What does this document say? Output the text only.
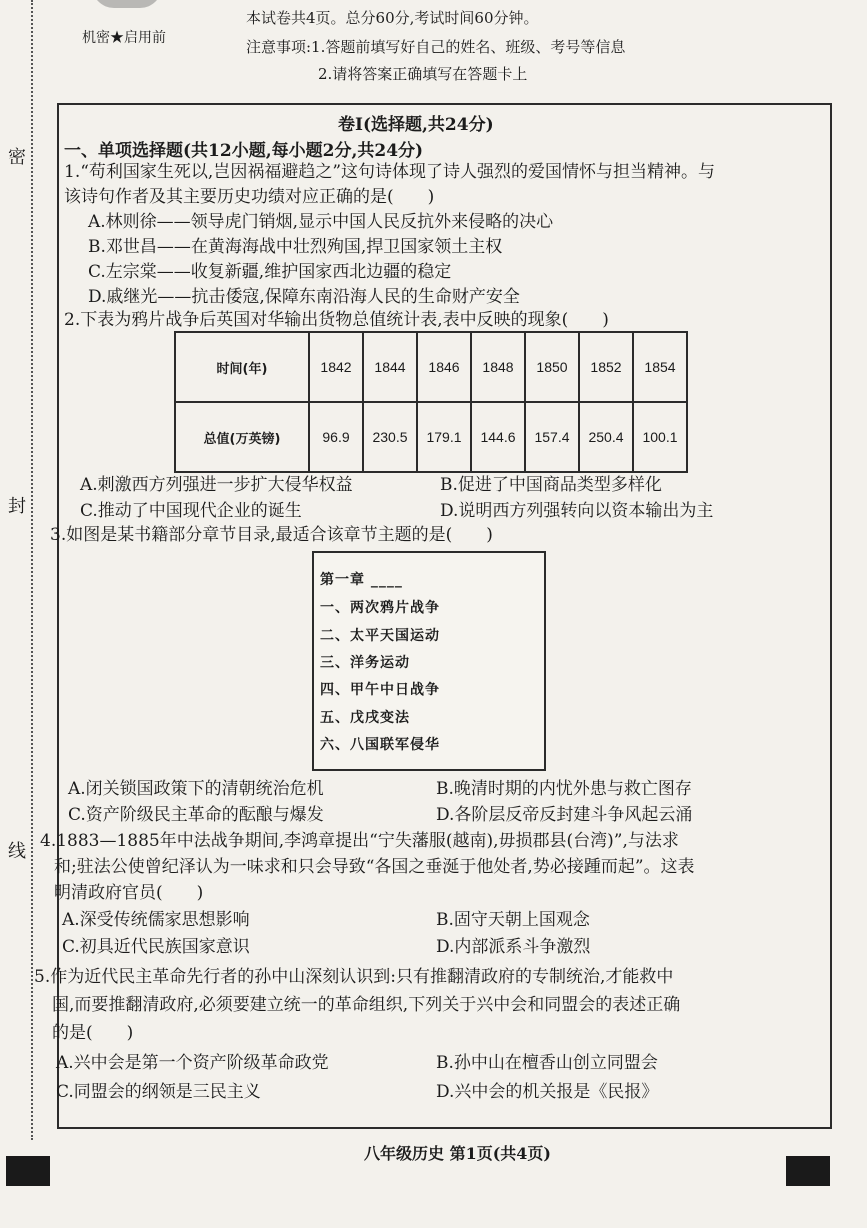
密
封
线
机密★启用前
本试卷共4页。总分60分,考试时间60分钟。
注意事项:1.答题前填写好自己的姓名、班级、考号等信息
2.请将答案正确填写在答题卡上
卷Ⅰ(选择题,共24分)
一、单项选择题(共12小题,每小题2分,共24分)
1.“苟利国家生死以,岂因祸福避趋之”这句诗体现了诗人强烈的爱国情怀与担当精神。与
该诗句作者及其主要历史功绩对应正确的是(　　)
A.林则徐——领导虎门销烟,显示中国人民反抗外来侵略的决心
B.邓世昌——在黄海海战中壮烈殉国,捍卫国家领土主权
C.左宗棠——收复新疆,维护国家西北边疆的稳定
D.戚继光——抗击倭寇,保障东南沿海人民的生命财产安全
2.下表为鸦片战争后英国对华输出货物总值统计表,表中反映的现象(　　)
时间(年)	1842	1844	1846	1848	1850	1852	1854
总值(万英镑)	96.9	230.5	179.1	144.6	157.4	250.4	100.1
A.刺激西方列强进一步扩大侵华权益	B.促进了中国商品类型多样化
C.推动了中国现代企业的诞生	D.说明西方列强转向以资本输出为主
3.如图是某书籍部分章节目录,最适合该章节主题的是(　　)
第一章 ____
一、两次鸦片战争
二、太平天国运动
三、洋务运动
四、甲午中日战争
五、戊戌变法
六、八国联军侵华
A.闭关锁国政策下的清朝统治危机	B.晚清时期的内忧外患与救亡图存
C.资产阶级民主革命的酝酿与爆发	D.各阶层反帝反封建斗争风起云涌
4.1883—1885年中法战争期间,李鸿章提出“宁失藩服(越南),毋损郡县(台湾)”,与法求
和;驻法公使曾纪泽认为一味求和只会导致“各国之垂涎于他处者,势必接踵而起”。这表
明清政府官员(　　)
A.深受传统儒家思想影响	B.固守天朝上国观念
C.初具近代民族国家意识	D.内部派系斗争激烈
5.作为近代民主革命先行者的孙中山深刻认识到:只有推翻清政府的专制统治,才能救中
国,而要推翻清政府,必须要建立统一的革命组织,下列关于兴中会和同盟会的表述正确
的是(　　)
A.兴中会是第一个资产阶级革命政党	B.孙中山在檀香山创立同盟会
C.同盟会的纲领是三民主义	D.兴中会的机关报是《民报》
八年级历史 第1页(共4页)
